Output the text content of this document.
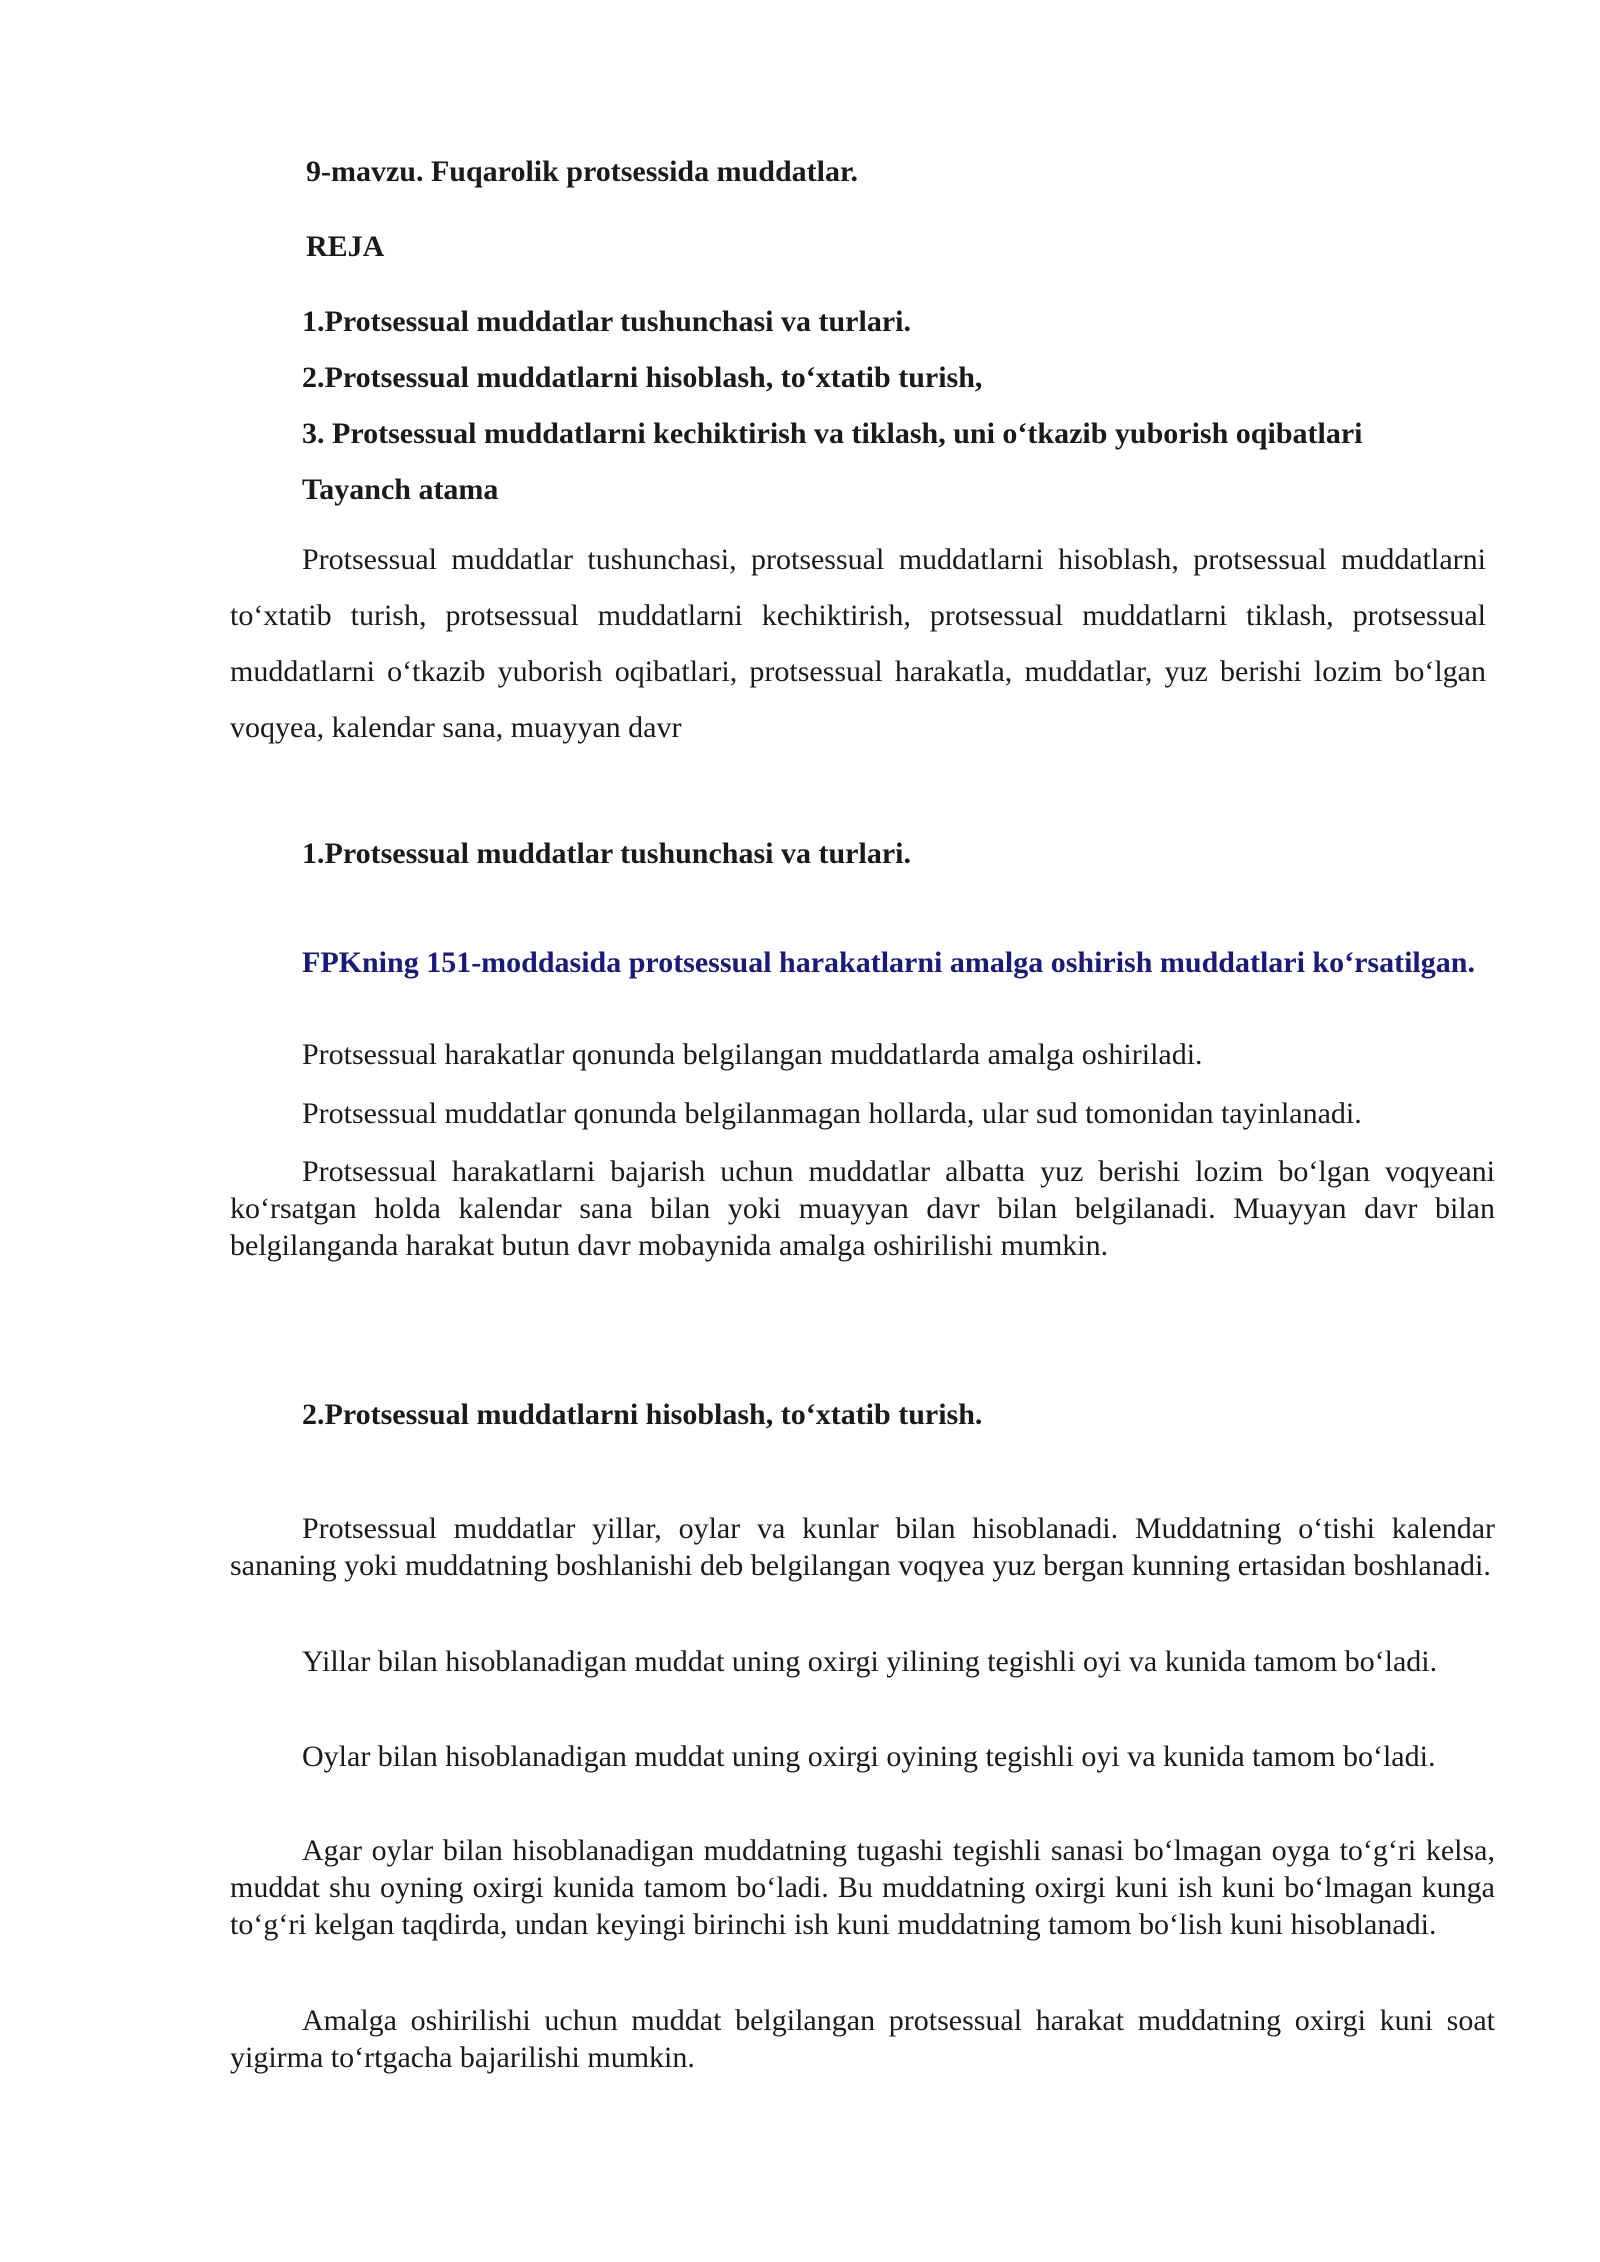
9-mavzu. Fuqarolik protsessida muddatlar.
REJA
1.Protsessual muddatlar tushunchasi va turlari.
2.Protsessual muddatlarni hisoblash, to‘xtatib turish,
3. Protsessual muddatlarni kechiktirish va tiklash, uni o‘tkazib yuborish oqibatlari
Tayanch atama

Protsessual muddatlar tushunchasi, protsessual muddatlarni hisoblash, protsessual muddatlarni to‘xtatib turish, protsessual muddatlarni kechiktirish, protsessual muddatlarni tiklash, protsessual muddatlarni o‘tkazib yuborish oqibatlari, protsessual harakatla, muddatlar, yuz berishi lozim bo‘lgan voqyea, kalendar sana, muayyan davr

1.Protsessual muddatlar tushunchasi va turlari.

FPKning 151-moddasida protsessual harakatlarni amalga oshirish muddatlari ko‘rsatilgan.

Protsessual harakatlar qonunda belgilangan muddatlarda amalga oshiriladi.

Protsessual muddatlar qonunda belgilanmagan hollarda, ular sud tomonidan tayinlanadi.

Protsessual harakatlarni bajarish uchun muddatlar albatta yuz berishi lozim bo‘lgan voqyeani ko‘rsatgan holda kalendar sana bilan yoki muayyan davr bilan belgilanadi. Muayyan davr bilan belgilanganda harakat butun davr mobaynida amalga oshirilishi mumkin.

2.Protsessual muddatlarni hisoblash, to‘xtatib turish.

Protsessual muddatlar yillar, oylar va kunlar bilan hisoblanadi. Muddatning o‘tishi kalendar sananing yoki muddatning boshlanishi deb belgilangan voqyea yuz bergan kunning ertasidan boshlanadi.

Yillar bilan hisoblanadigan muddat uning oxirgi yilining tegishli oyi va kunida tamom bo‘ladi.

Oylar bilan hisoblanadigan muddat uning oxirgi oyining tegishli oyi va kunida tamom bo‘ladi.

Agar oylar bilan hisoblanadigan muddatning tugashi tegishli sanasi bo‘lmagan oyga to‘g‘ri kelsa, muddat shu oyning oxirgi kunida tamom bo‘ladi. Bu muddatning oxirgi kuni ish kuni bo‘lmagan kunga to‘g‘ri kelgan taqdirda, undan keyingi birinchi ish kuni muddatning tamom bo‘lish kuni hisoblanadi.

Amalga oshirilishi uchun muddat belgilangan protsessual harakat muddatning oxirgi kuni soat yigirma to‘rtgacha bajarilishi mumkin.
